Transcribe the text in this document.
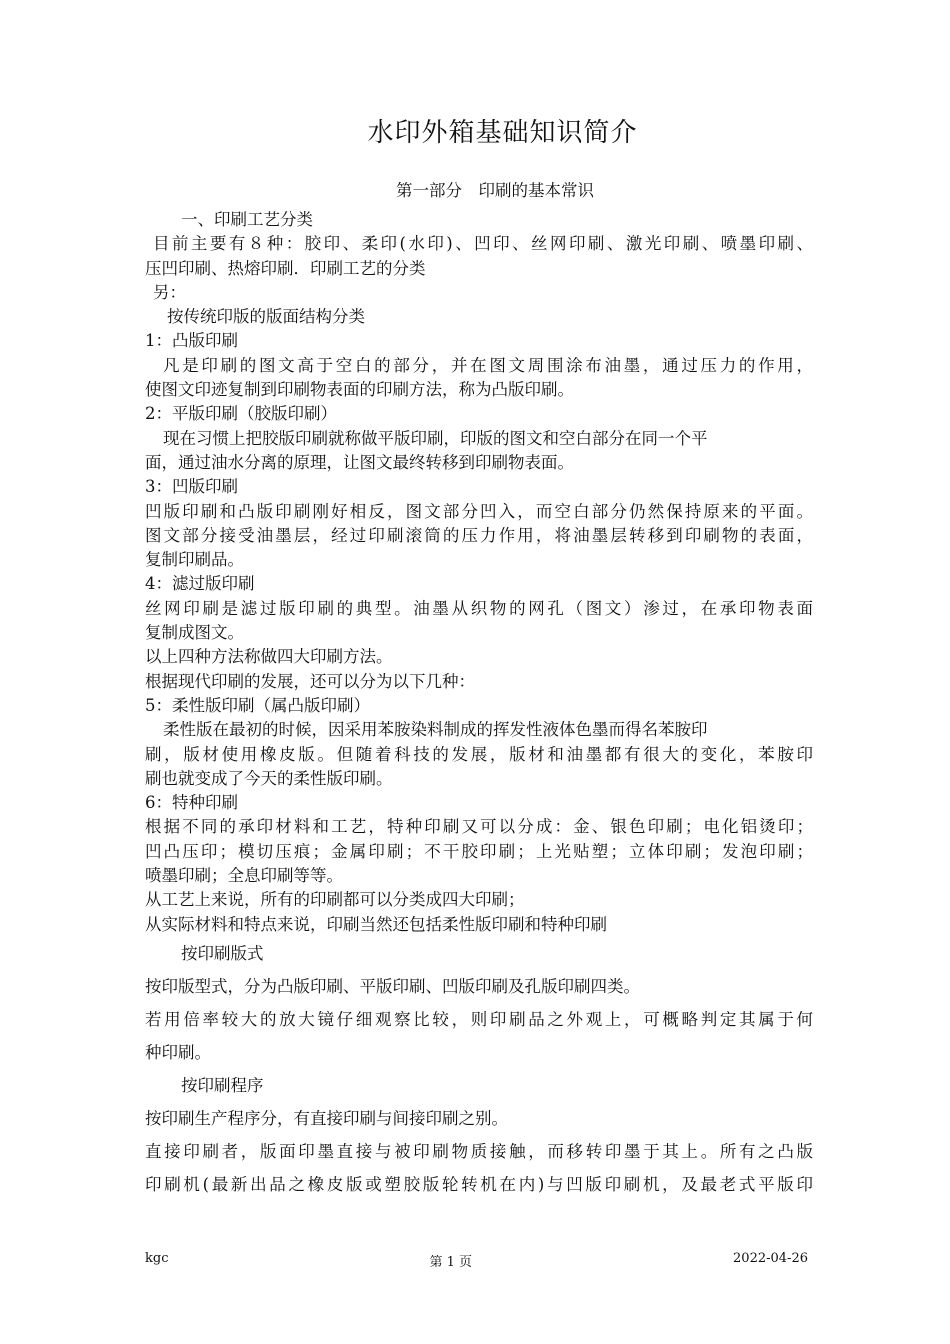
水印外箱基础知识简介
第一部分　印刷的基本常识
一、印刷工艺分类
目前主要有８种：胶印、柔印(水印)、凹印、丝网印刷、激光印刷、喷墨印刷、
压凹印刷、热熔印刷．印刷工艺的分类
另：
按传统印版的版面结构分类
1：凸版印刷
凡是印刷的图文高于空白的部分，并在图文周围涂布油墨，通过压力的作用，
使图文印迹复制到印刷物表面的印刷方法，称为凸版印刷。
2：平版印刷（胶版印刷）
现在习惯上把胶版印刷就称做平版印刷，印版的图文和空白部分在同一个平
面，通过油水分离的原理，让图文最终转移到印刷物表面。
3：凹版印刷
凹版印刷和凸版印刷刚好相反，图文部分凹入，而空白部分仍然保持原来的平面。
图文部分接受油墨层，经过印刷滚筒的压力作用，将油墨层转移到印刷物的表面，
复制印刷品。
4：滤过版印刷
丝网印刷是滤过版印刷的典型。油墨从织物的网孔（图文）渗过，在承印物表面
复制成图文。
以上四种方法称做四大印刷方法。
根据现代印刷的发展，还可以分为以下几种：
5：柔性版印刷（属凸版印刷）
柔性版在最初的时候，因采用苯胺染料制成的挥发性液体色墨而得名苯胺印
刷，版材使用橡皮版。但随着科技的发展，版材和油墨都有很大的变化，苯胺印
刷也就变成了今天的柔性版印刷。
6：特种印刷
根据不同的承印材料和工艺，特种印刷又可以分成：金、银色印刷；电化铝烫印；
凹凸压印；模切压痕；金属印刷；不干胶印刷；上光贴塑；立体印刷；发泡印刷；
喷墨印刷；全息印刷等等。
从工艺上来说，所有的印刷都可以分类成四大印刷；
从实际材料和特点来说，印刷当然还包括柔性版印刷和特种印刷
按印刷版式
按印版型式，分为凸版印刷、平版印刷、凹版印刷及孔版印刷四类。
若用倍率较大的放大镜仔细观察比较，则印刷品之外观上，可概略判定其属于何
种印刷。
按印刷程序
按印刷生产程序分，有直接印刷与间接印刷之别。
直接印刷者，版面印墨直接与被印刷物质接触，而移转印墨于其上。所有之凸版
印刷机(最新出品之橡皮版或塑胶版轮转机在内)与凹版印刷机，及最老式平版印
kgc	第 1 页	2022-04-26
